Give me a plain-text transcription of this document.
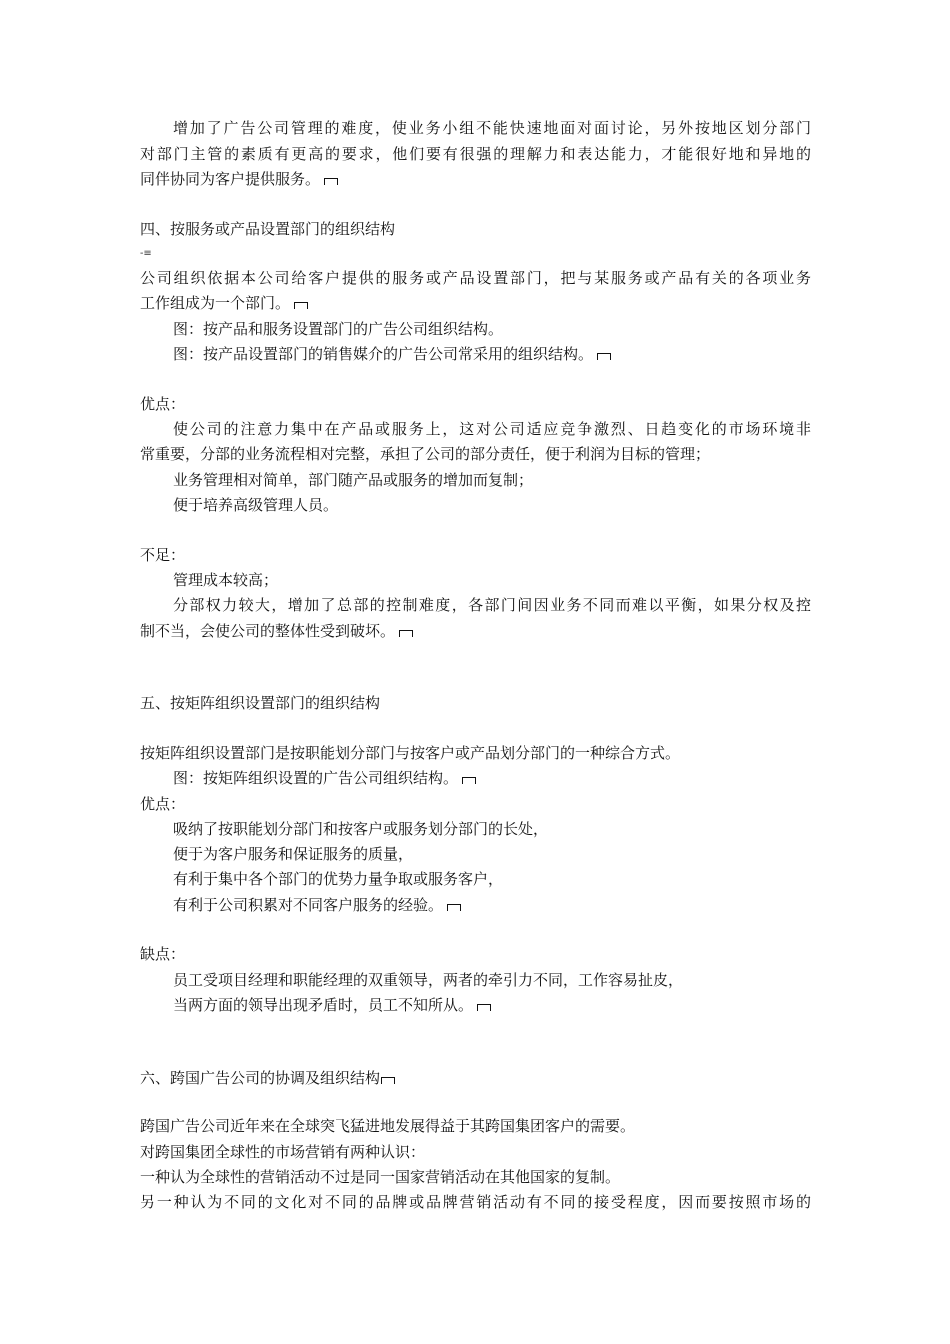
增加了广告公司管理的难度，使业务小组不能快速地面对面讨论，另外按地区划分部门

对部门主管的素质有更高的要求，他们要有很强的理解力和表达能力，才能很好地和异地的

同伴协同为客户提供服务。

四、按服务或产品设置部门的组织结构

-≡

公司组织依据本公司给客户提供的服务或产品设置部门，把与某服务或产品有关的各项业务

工作组成为一个部门。

图：按产品和服务设置部门的广告公司组织结构。

图：按产品设置部门的销售媒介的广告公司常采用的组织结构。

优点：

使公司的注意力集中在产品或服务上，这对公司适应竞争激烈、日趋变化的市场环境非

常重要，分部的业务流程相对完整，承担了公司的部分责任，便于利润为目标的管理；

业务管理相对简单，部门随产品或服务的增加而复制；

便于培养高级管理人员。

不足：

管理成本较高；

分部权力较大，增加了总部的控制难度，各部门间因业务不同而难以平衡，如果分权及控

制不当，会使公司的整体性受到破坏。

五、按矩阵组织设置部门的组织结构

按矩阵组织设置部门是按职能划分部门与按客户或产品划分部门的一种综合方式。

图：按矩阵组织设置的广告公司组织结构。

优点：

吸纳了按职能划分部门和按客户或服务划分部门的长处，

便于为客户服务和保证服务的质量，

有利于集中各个部门的优势力量争取或服务客户，

有利于公司积累对不同客户服务的经验。

缺点：

员工受项目经理和职能经理的双重领导，两者的牵引力不同，工作容易扯皮，

当两方面的领导出现矛盾时，员工不知所从。

六、跨国广告公司的协调及组织结构

跨国广告公司近年来在全球突飞猛进地发展得益于其跨国集团客户的需要。

对跨国集团全球性的市场营销有两种认识：

一种认为全球性的营销活动不过是同一国家营销活动在其他国家的复制。

另一种认为不同的文化对不同的品牌或品牌营销活动有不同的接受程度，因而要按照市场的
